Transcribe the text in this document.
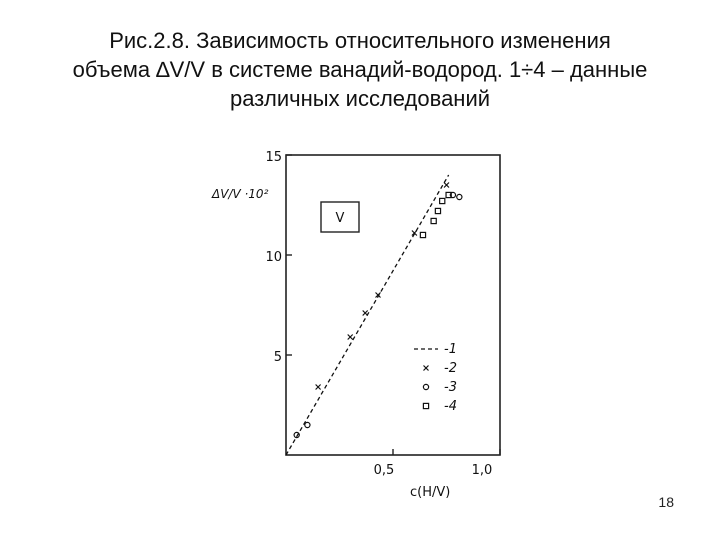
Рис.2.8. Зависимость относительного изменения
объема ∆V/V в системе ванадий-водород. 1÷4 – данные
различных исследований
5
10
15
0,5	1,0
ΔV/V ·10²
c(H/V)
V
-1
-2
-3
-4
18
